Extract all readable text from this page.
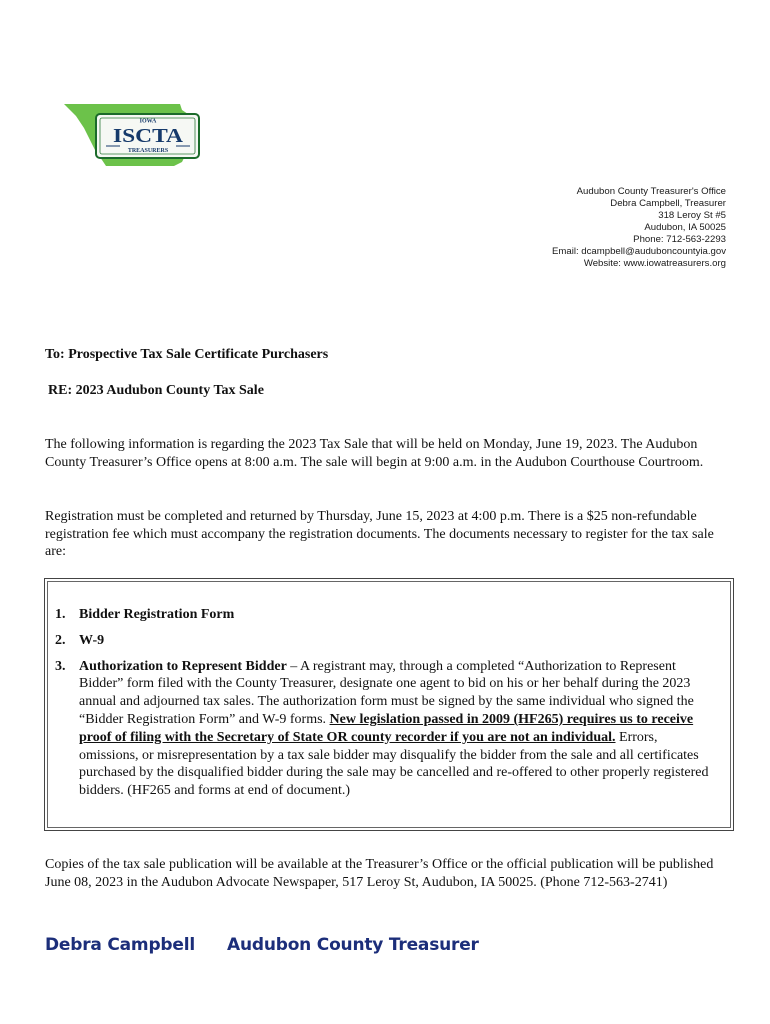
IOWA
ISCTA
TREASURERS
Audubon County Treasurer's Office
Debra Campbell, Treasurer
318 Leroy St #5
Audubon, IA 50025
Phone: 712-563-2293
Email: dcampbell@auduboncountyia.gov
Website: www.iowatreasurers.org
To: Prospective Tax Sale Certificate Purchasers
RE: 2023 Audubon County Tax Sale

The following information is regarding the 2023 Tax Sale that will be held on Monday, June 19, 2023. The Audubon County Treasurer’s Office opens at 8:00 a.m. The sale will begin at 9:00 a.m. in the Audubon Courthouse Courtroom.

Registration must be completed and returned by Thursday, June 15, 2023 at 4:00 p.m. There is a $25 non-refundable registration fee which must accompany the registration documents. The documents necessary to register for the tax sale are:

1. Bidder Registration Form
2. W-9
3. Authorization to Represent Bidder – A registrant may, through a completed “Authorization to Represent Bidder” form filed with the County Treasurer, designate one agent to bid on his or her behalf during the 2023 annual and adjourned tax sales. The authorization form must be signed by the same individual who signed the “Bidder Registration Form” and W-9 forms. New legislation passed in 2009 (HF265) requires us to receive proof of filing with the Secretary of State OR county recorder if you are not an individual. Errors, omissions, or misrepresentation by a tax sale bidder may disqualify the bidder from the sale and all certificates purchased by the disqualified bidder during the sale may be cancelled and re-offered to other properly registered bidders. (HF265 and forms at end of document.)

Copies of the tax sale publication will be available at the Treasurer’s Office or the official publication will be published June 08, 2023 in the Audubon Advocate Newspaper, 517 Leroy St, Audubon, IA 50025. (Phone 712-563-2741)

Debra Campbell Audubon County Treasurer
